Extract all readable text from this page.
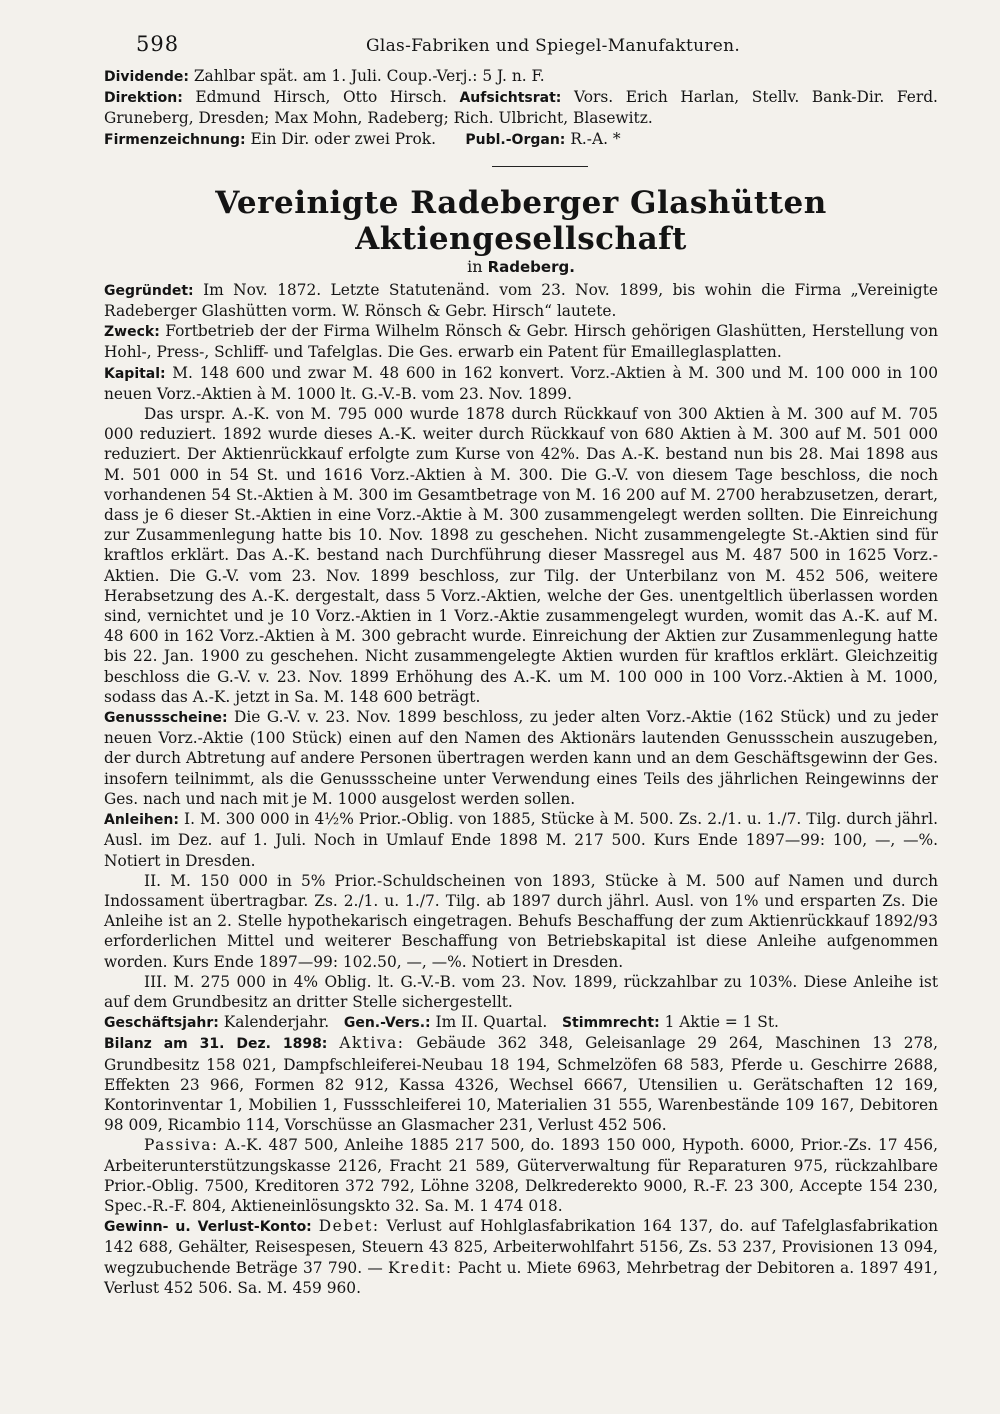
598	Glas-Fabriken und Spiegel-Manufakturen.

Dividende: Zahlbar spät. am 1. Juli. Coup.-Verj.: 5 J. n. F.

Direktion: Edmund Hirsch, Otto Hirsch. Aufsichtsrat: Vors. Erich Harlan, Stellv. Bank-Dir. Ferd. Gruneberg, Dresden; Max Mohn, Radeberg; Rich. Ulbricht, Blasewitz.

Firmenzeichnung: Ein Dir. oder zwei Prok. Publ.-Organ: R.-A. *

Vereinigte Radeberger Glashütten Aktiengesellschaft

in Radeberg.

Gegründet: Im Nov. 1872. Letzte Statutenänd. vom 23. Nov. 1899, bis wohin die Firma „Vereinigte Radeberger Glashütten vorm. W. Rönsch & Gebr. Hirsch“ lautete.

Zweck: Fortbetrieb der der Firma Wilhelm Rönsch & Gebr. Hirsch gehörigen Glashütten, Herstellung von Hohl-, Press-, Schliff- und Tafelglas. Die Ges. erwarb ein Patent für Emailleglasplatten.

Kapital: M. 148 600 und zwar M. 48 600 in 162 konvert. Vorz.-Aktien à M. 300 und M. 100 000 in 100 neuen Vorz.-Aktien à M. 1000 lt. G.-V.-B. vom 23. Nov. 1899.

Das urspr. A.-K. von M. 795 000 wurde 1878 durch Rückkauf von 300 Aktien à M. 300 auf M. 705 000 reduziert. 1892 wurde dieses A.-K. weiter durch Rückkauf von 680 Aktien à M. 300 auf M. 501 000 reduziert. Der Aktienrückkauf erfolgte zum Kurse von 42%. Das A.-K. bestand nun bis 28. Mai 1898 aus M. 501 000 in 54 St. und 1616 Vorz.-Aktien à M. 300. Die G.-V. von diesem Tage beschloss, die noch vorhandenen 54 St.-Aktien à M. 300 im Gesamtbetrage von M. 16 200 auf M. 2700 herabzusetzen, derart, dass je 6 dieser St.-Aktien in eine Vorz.-Aktie à M. 300 zusammengelegt werden sollten. Die Einreichung zur Zusammenlegung hatte bis 10. Nov. 1898 zu geschehen. Nicht zusammengelegte St.-Aktien sind für kraftlos erklärt. Das A.-K. bestand nach Durchführung dieser Massregel aus M. 487 500 in 1625 Vorz.-Aktien. Die G.-V. vom 23. Nov. 1899 beschloss, zur Tilg. der Unterbilanz von M. 452 506, weitere Herabsetzung des A.-K. dergestalt, dass 5 Vorz.-Aktien, welche der Ges. unentgeltlich überlassen worden sind, vernichtet und je 10 Vorz.-Aktien in 1 Vorz.-Aktie zusammengelegt wurden, womit das A.-K. auf M. 48 600 in 162 Vorz.-Aktien à M. 300 gebracht wurde. Einreichung der Aktien zur Zusammenlegung hatte bis 22. Jan. 1900 zu geschehen. Nicht zusammengelegte Aktien wurden für kraftlos erklärt. Gleichzeitig beschloss die G.-V. v. 23. Nov. 1899 Erhöhung des A.-K. um M. 100 000 in 100 Vorz.-Aktien à M. 1000, sodass das A.-K. jetzt in Sa. M. 148 600 beträgt.

Genussscheine: Die G.-V. v. 23. Nov. 1899 beschloss, zu jeder alten Vorz.-Aktie (162 Stück) und zu jeder neuen Vorz.-Aktie (100 Stück) einen auf den Namen des Aktionärs lautenden Genussschein auszugeben, der durch Abtretung auf andere Personen übertragen werden kann und an dem Geschäftsgewinn der Ges. insofern teilnimmt, als die Genussscheine unter Verwendung eines Teils des jährlichen Reingewinns der Ges. nach und nach mit je M. 1000 ausgelost werden sollen.

Anleihen: I. M. 300 000 in 4½% Prior.-Oblig. von 1885, Stücke à M. 500. Zs. 2./1. u. 1./7. Tilg. durch jährl. Ausl. im Dez. auf 1. Juli. Noch in Umlauf Ende 1898 M. 217 500. Kurs Ende 1897—99: 100, —, —%. Notiert in Dresden.

II. M. 150 000 in 5% Prior.-Schuldscheinen von 1893, Stücke à M. 500 auf Namen und durch Indossament übertragbar. Zs. 2./1. u. 1./7. Tilg. ab 1897 durch jährl. Ausl. von 1% und ersparten Zs. Die Anleihe ist an 2. Stelle hypothekarisch eingetragen. Behufs Beschaffung der zum Aktienrückkauf 1892/93 erforderlichen Mittel und weiterer Beschaffung von Betriebskapital ist diese Anleihe aufgenommen worden. Kurs Ende 1897—99: 102.50, —, —%. Notiert in Dresden.

III. M. 275 000 in 4% Oblig. lt. G.-V.-B. vom 23. Nov. 1899, rückzahlbar zu 103%. Diese Anleihe ist auf dem Grundbesitz an dritter Stelle sichergestellt.

Geschäftsjahr: Kalenderjahr. Gen.-Vers.: Im II. Quartal. Stimmrecht: 1 Aktie = 1 St.

Bilanz am 31. Dez. 1898: Aktiva: Gebäude 362 348, Geleisanlage 29 264, Maschinen 13 278, Grundbesitz 158 021, Dampfschleiferei-Neubau 18 194, Schmelzöfen 68 583, Pferde u. Geschirre 2688, Effekten 23 966, Formen 82 912, Kassa 4326, Wechsel 6667, Utensilien u. Gerätschaften 12 169, Kontorinventar 1, Mobilien 1, Fussschleiferei 10, Materialien 31 555, Warenbestände 109 167, Debitoren 98 009, Ricambio 114, Vorschüsse an Glasmacher 231, Verlust 452 506.

Passiva: A.-K. 487 500, Anleihe 1885 217 500, do. 1893 150 000, Hypoth. 6000, Prior.-Zs. 17 456, Arbeiterunterstützungskasse 2126, Fracht 21 589, Güterverwaltung für Reparaturen 975, rückzahlbare Prior.-Oblig. 7500, Kreditoren 372 792, Löhne 3208, Delkrederekto 9000, R.-F. 23 300, Accepte 154 230, Spec.-R.-F. 804, Aktieneinlösungskto 32. Sa. M. 1 474 018.

Gewinn- u. Verlust-Konto: Debet: Verlust auf Hohlglasfabrikation 164 137, do. auf Tafelglasfabrikation 142 688, Gehälter, Reisespesen, Steuern 43 825, Arbeiterwohlfahrt 5156, Zs. 53 237, Provisionen 13 094, wegzubuchende Beträge 37 790. — Kredit: Pacht u. Miete 6963, Mehrbetrag der Debitoren a. 1897 491, Verlust 452 506. Sa. M. 459 960.
